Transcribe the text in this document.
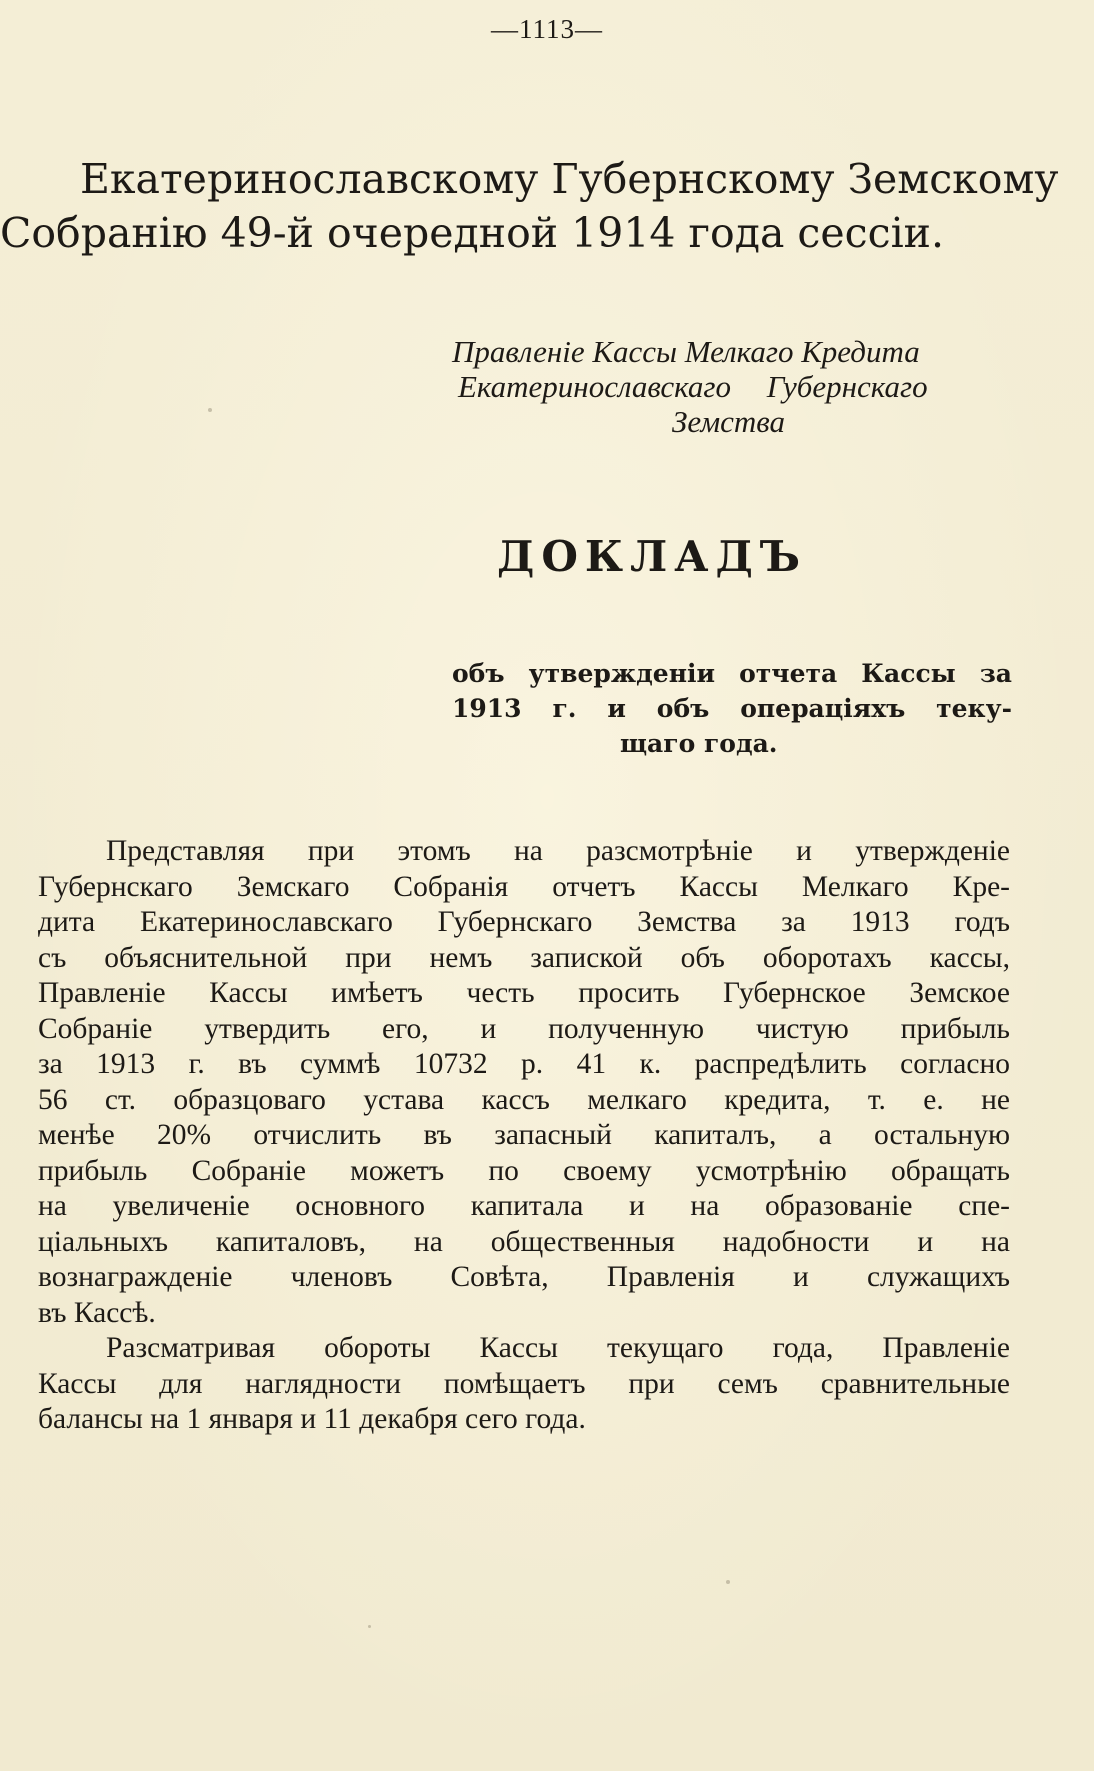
—1113—
Екатеринославскому Губернскому Земскому
Собранію 49-й очередной 1914 года сессіи.
Правленіе Кассы Мелкаго Кредита
Екатеринославскаго Губернскаго
Земства
ДОКЛАДЪ
объ утвержденіи отчета Кассы за
1913 г. и объ операціяхъ теку-
щаго года.
Представляя при этомъ на разсмотрѣніе и утвержденіе
Губернскаго Земскаго Собранія отчетъ Кассы Мелкаго Кре-
дита Екатеринославскаго Губернскаго Земства за 1913 годъ
съ объяснительной при немъ запиской объ оборотахъ кассы,
Правленіе Кассы имѣетъ честь просить Губернское Земское
Собраніе утвердить его, и полученную чистую прибыль
за 1913 г. въ суммѣ 10732 р. 41 к. распредѣлить согласно
56 ст. образцоваго устава кассъ мелкаго кредита, т. е. не
менѣе 20% отчислить въ запасный капиталъ, а остальную
прибыль Собраніе можетъ по своему усмотрѣнію обращать
на увеличеніе основного капитала и на образованіе спе-
ціальныхъ капиталовъ, на общественныя надобности и на
вознагражденіе членовъ Совѣта, Правленія и служащихъ
въ Кассѣ.
Разсматривая обороты Кассы текущаго года, Правленіе
Кассы для наглядности помѣщаетъ при семъ сравнительные
балансы на 1 января и 11 декабря сего года.
